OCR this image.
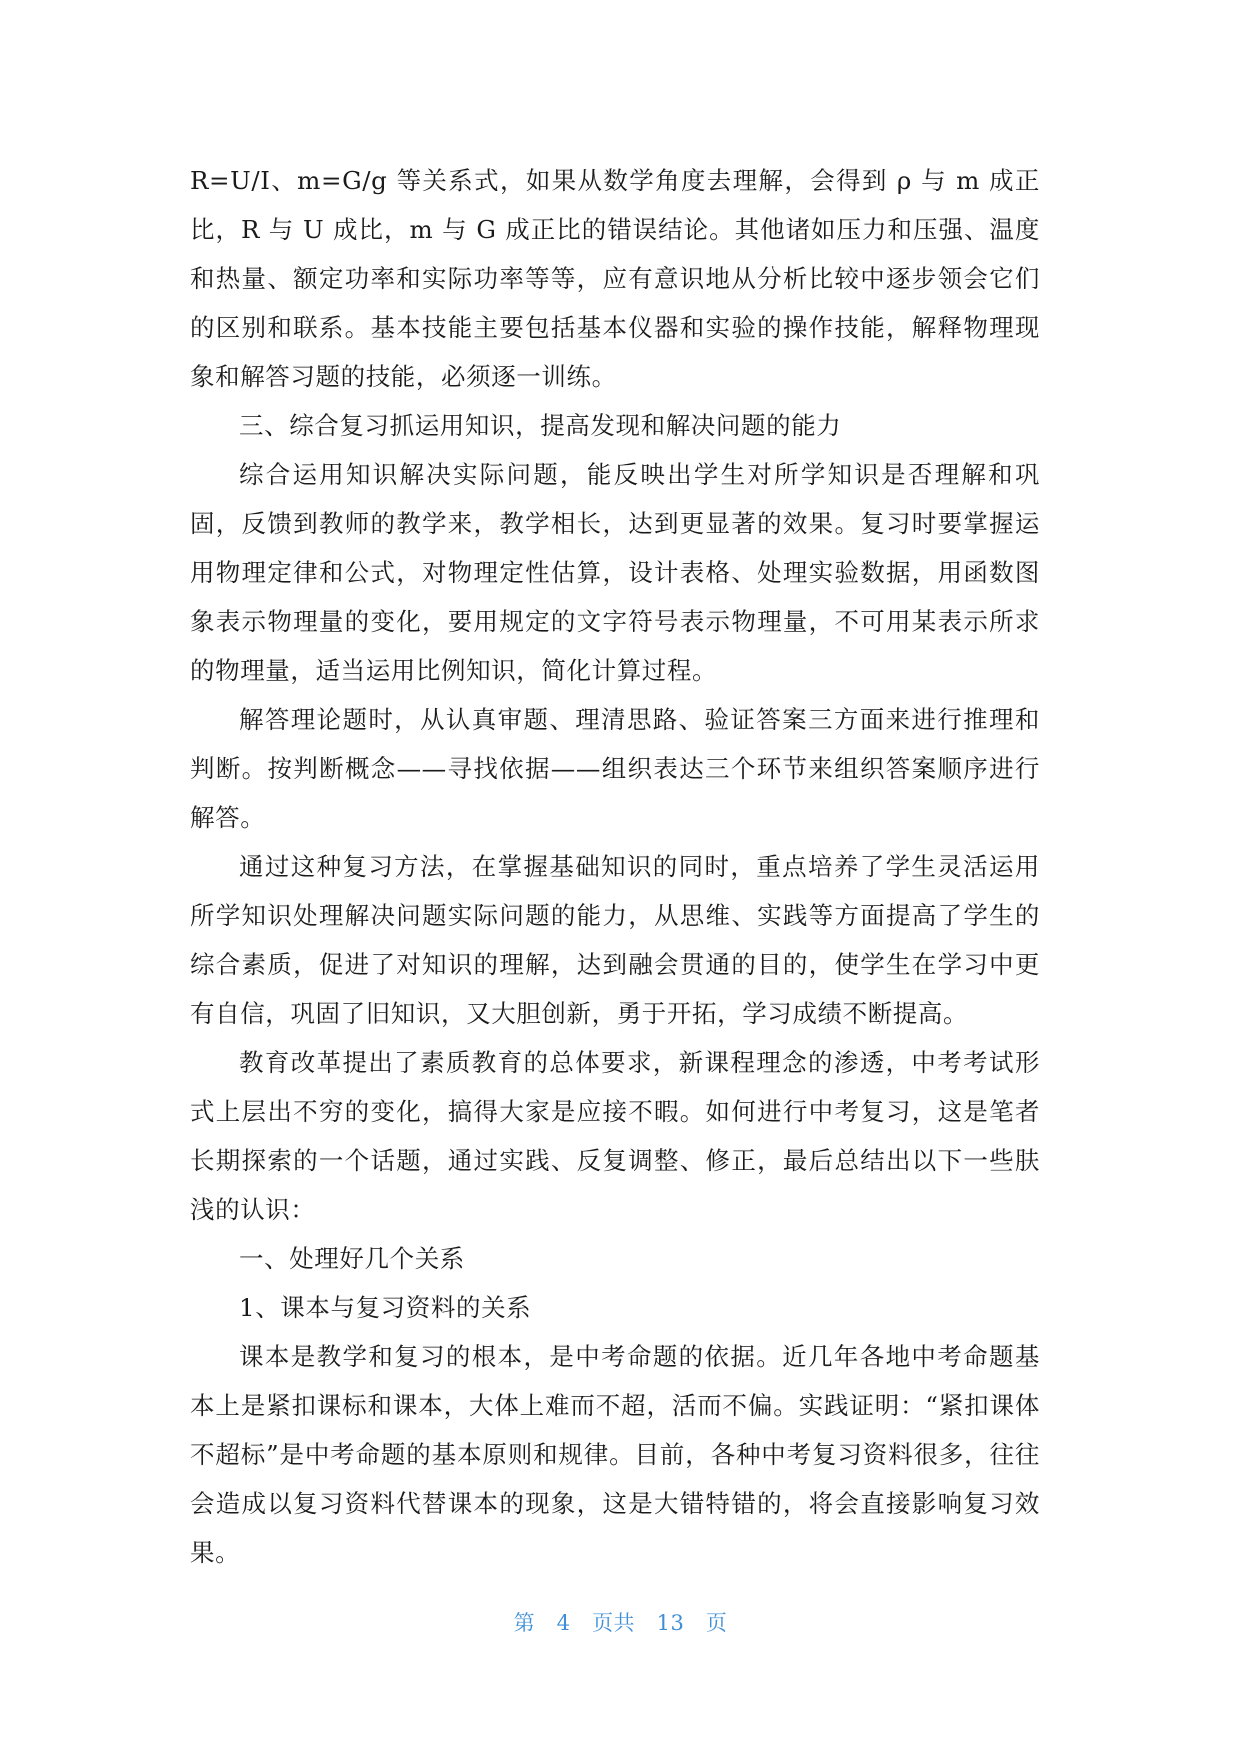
R=U/I、m=G/g 等关系式，如果从数学角度去理解，会得到 ρ 与 m 成正比，R 与 U 成比，m 与 G 成正比的错误结论。其他诸如压力和压强、温度和热量、额定功率和实际功率等等，应有意识地从分析比较中逐步领会它们的区别和联系。基本技能主要包括基本仪器和实验的操作技能，解释物理现象和解答习题的技能，必须逐一训练。

三、综合复习抓运用知识，提高发现和解决问题的能力

综合运用知识解决实际问题，能反映出学生对所学知识是否理解和巩固，反馈到教师的教学来，教学相长，达到更显著的效果。复习时要掌握运用物理定律和公式，对物理定性估算，设计表格、处理实验数据，用函数图象表示物理量的变化，要用规定的文字符号表示物理量，不可用某表示所求的物理量，适当运用比例知识，简化计算过程。

解答理论题时，从认真审题、理清思路、验证答案三方面来进行推理和判断。按判断概念——寻找依据——组织表达三个环节来组织答案顺序进行解答。

通过这种复习方法，在掌握基础知识的同时，重点培养了学生灵活运用所学知识处理解决问题实际问题的能力，从思维、实践等方面提高了学生的综合素质，促进了对知识的理解，达到融会贯通的目的，使学生在学习中更有自信，巩固了旧知识，又大胆创新，勇于开拓，学习成绩不断提高。

教育改革提出了素质教育的总体要求，新课程理念的渗透，中考考试形式上层出不穷的变化，搞得大家是应接不暇。如何进行中考复习，这是笔者长期探索的一个话题，通过实践、反复调整、修正，最后总结出以下一些肤浅的认识：

一、处理好几个关系

1、课本与复习资料的关系

课本是教学和复习的根本，是中考命题的依据。近几年各地中考命题基本上是紧扣课标和课本，大体上难而不超，活而不偏。实践证明：“紧扣课体不超标”是中考命题的基本原则和规律。目前，各种中考复习资料很多，往往会造成以复习资料代替课本的现象，这是大错特错的，将会直接影响复习效果。

第 4 页共 13 页
